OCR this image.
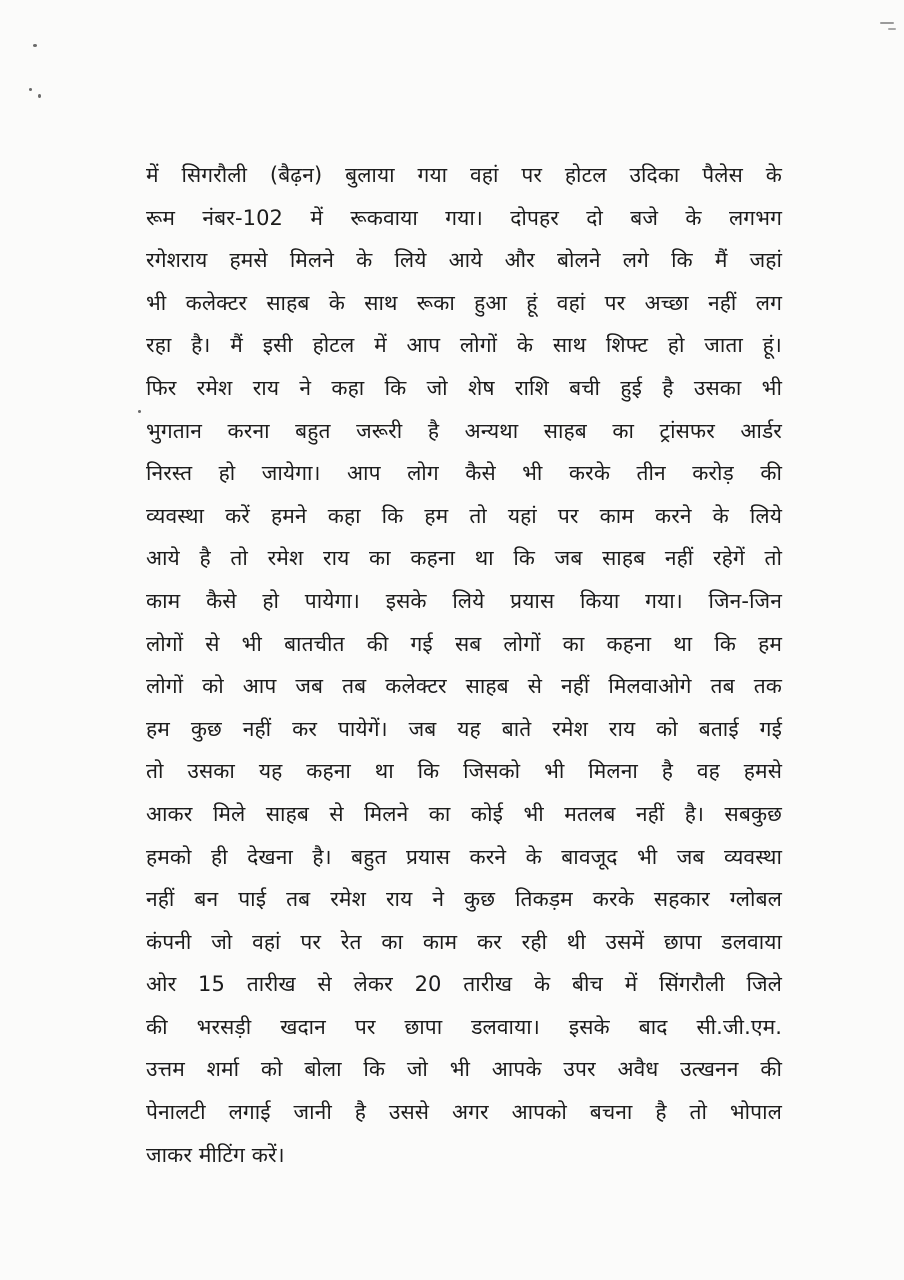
में सिगरौली (बैढ़न) बुलाया गया वहां पर होटल उदिका पैलेस के
रूम नंबर-102 में रूकवाया गया। दोपहर दो बजे के लगभग
रगेशराय हमसे मिलने के लिये आये और बोलने लगे कि मैं जहां
भी कलेक्टर साहब के साथ रूका हुआ हूं वहां पर अच्छा नहीं लग
रहा है। मैं इसी होटल में आप लोगों के साथ शिफ्ट हो जाता हूं।
फिर रमेश राय ने कहा कि जो शेष राशि बची हुई है उसका भी
भुगतान करना बहुत जरूरी है अन्यथा साहब का ट्रांसफर आर्डर
निरस्त हो जायेगा। आप लोग कैसे भी करके तीन करोड़ की
व्यवस्था करें हमने कहा कि हम तो यहां पर काम करने के लिये
आये है तो रमेश राय का कहना था कि जब साहब नहीं रहेगें तो
काम कैसे हो पायेगा। इसके लिये प्रयास किया गया। जिन-जिन
लोगों से भी बातचीत की गई सब लोगों का कहना था कि हम
लोगों को आप जब तब कलेक्टर साहब से नहीं मिलवाओगे तब तक
हम कुछ नहीं कर पायेगें। जब यह बाते रमेश राय को बताई गई
तो उसका यह कहना था कि जिसको भी मिलना है वह हमसे
आकर मिले साहब से मिलने का कोई भी मतलब नहीं है। सबकुछ
हमको ही देखना है। बहुत प्रयास करने के बावजूद भी जब व्यवस्था
नहीं बन पाई तब रमेश राय ने कुछ तिकड़म करके सहकार ग्लोबल
कंपनी जो वहां पर रेत का काम कर रही थी उसमें छापा डलवाया
ओर 15 तारीख से लेकर 20 तारीख के बीच में सिंगरौली जिले
की भरसड़ी खदान पर छापा डलवाया। इसके बाद सी.जी.एम.
उत्तम शर्मा को बोला कि जो भी आपके उपर अवैध उत्खनन की
पेनालटी लगाई जानी है उससे अगर आपको बचना है तो भोपाल
जाकर मीटिंग करें।
